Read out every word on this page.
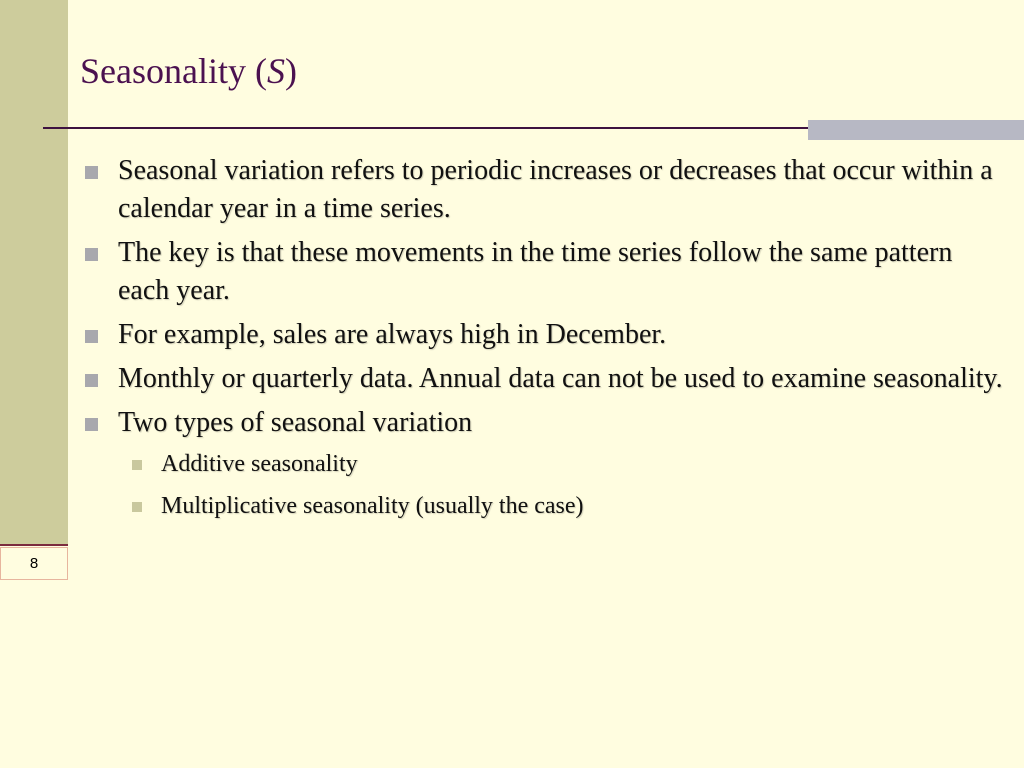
8
Seasonality (S)
Seasonal variation refers to periodic increases or decreases that occur within a calendar year in a time series.
The key is that these movements in the time series follow the same pattern each year.
For example, sales are always high in December.
Monthly or quarterly data. Annual data can not be used to examine seasonality.
Two types of seasonal variation
Additive seasonality
Multiplicative seasonality (usually the case)
